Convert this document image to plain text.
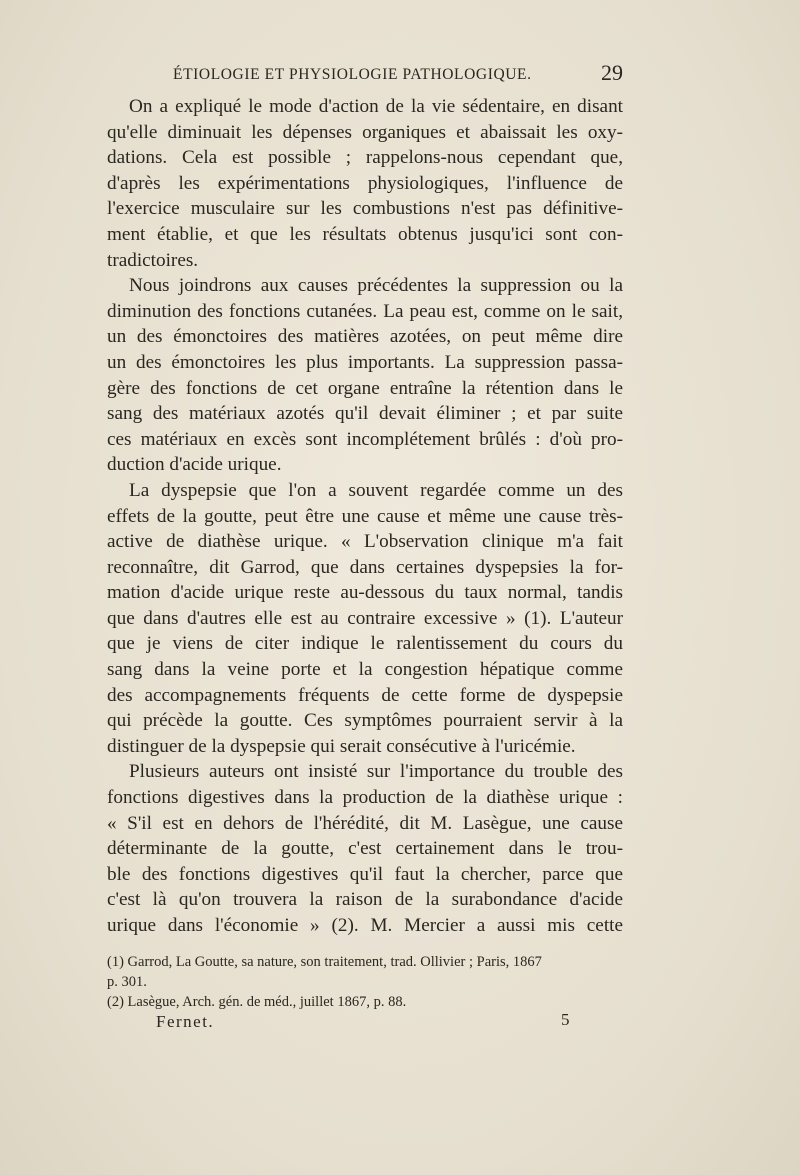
ÉTIOLOGIE ET PHYSIOLOGIE PATHOLOGIQUE.	29
On a expliqué le mode d'action de la vie sédentaire, en disant
qu'elle diminuait les dépenses organiques et abaissait les oxy-
dations. Cela est possible ; rappelons-nous cependant que,
d'après les expérimentations physiologiques, l'influence de
l'exercice musculaire sur les combustions n'est pas définitive-
ment établie, et que les résultats obtenus jusqu'ici sont con-
tradictoires.
Nous joindrons aux causes précédentes la suppression ou la
diminution des fonctions cutanées. La peau est, comme on le sait,
un des émonctoires des matières azotées, on peut même dire
un des émonctoires les plus importants. La suppression passa-
gère des fonctions de cet organe entraîne la rétention dans le
sang des matériaux azotés qu'il devait éliminer ; et par suite
ces matériaux en excès sont incomplétement brûlés : d'où pro-
duction d'acide urique.
La dyspepsie que l'on a souvent regardée comme un des
effets de la goutte, peut être une cause et même une cause très-
active de diathèse urique. « L'observation clinique m'a fait
reconnaître, dit Garrod, que dans certaines dyspepsies la for-
mation d'acide urique reste au-dessous du taux normal, tandis
que dans d'autres elle est au contraire excessive » (1). L'auteur
que je viens de citer indique le ralentissement du cours du
sang dans la veine porte et la congestion hépatique comme
des accompagnements fréquents de cette forme de dyspepsie
qui précède la goutte. Ces symptômes pourraient servir à la
distinguer de la dyspepsie qui serait consécutive à l'uricémie.
Plusieurs auteurs ont insisté sur l'importance du trouble des
fonctions digestives dans la production de la diathèse urique :
« S'il est en dehors de l'hérédité, dit M. Lasègue, une cause
déterminante de la goutte, c'est certainement dans le trou-
ble des fonctions digestives qu'il faut la chercher, parce que
c'est là qu'on trouvera la raison de la surabondance d'acide
urique dans l'économie » (2). M. Mercier a aussi mis cette
(1) Garrod, La Goutte, sa nature, son traitement, trad. Ollivier ; Paris, 1867
p. 301.
(2) Lasègue, Arch. gén. de méd., juillet 1867, p. 88.
Fernet.	5
